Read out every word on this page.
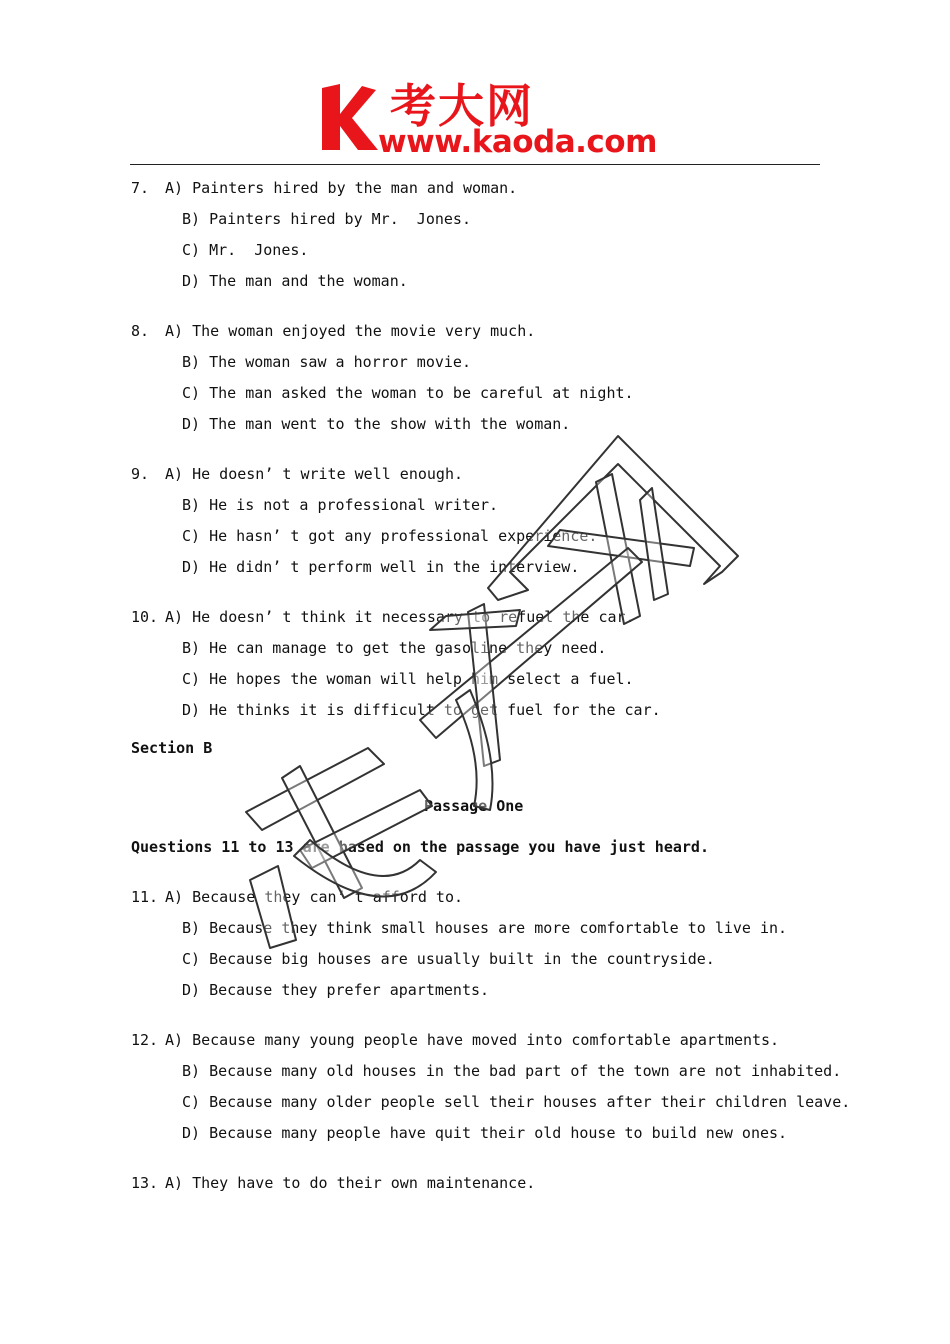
考大网
www.kaoda.com
7. A) Painters hired by the man and woman.
B) Painters hired by Mr.  Jones.
C) Mr.  Jones.
D) The man and the woman.
8. A) The woman enjoyed the movie very much.
B) The woman saw a horror movie.
C) The man asked the woman to be careful at night.
D) The man went to the show with the woman.
9. A) He doesn’ t write well enough.
B) He is not a professional writer.
C) He hasn’ t got any professional experience.
D) He didn’ t perform well in the interview.
10. A) He doesn’ t think it necessary to refuel the car.
B) He can manage to get the gasoline they need.
C) He hopes the woman will help him select a fuel.
D) He thinks it is difficult to get fuel for the car.
Section B
Passage One
Questions 11 to 13 are based on the passage you have just heard.
11. A) Because they can’ t afford to.
B) Because they think small houses are more comfortable to live in.
C) Because big houses are usually built in the countryside.
D) Because they prefer apartments.
12. A) Because many young people have moved into comfortable apartments.
B) Because many old houses in the bad part of the town are not inhabited.
C) Because many older people sell their houses after their children leave.
D) Because many people have quit their old house to build new ones.
13. A) They have to do their own maintenance.
